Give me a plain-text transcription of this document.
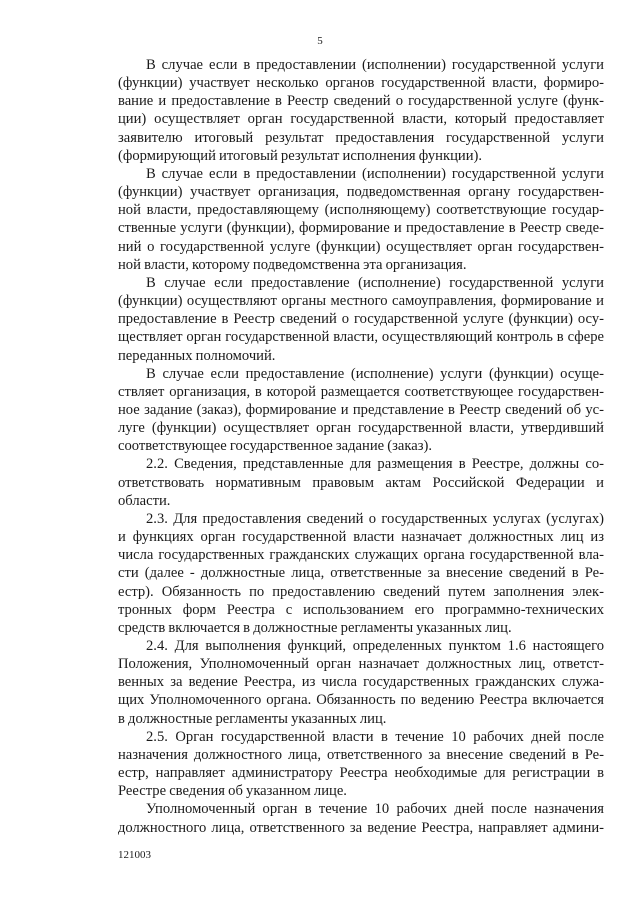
5

В случае если в предоставлении (исполнении) государственной услуги
(функции) участвует несколько органов государственной власти, формиро-
вание и предоставление в Реестр сведений о государственной услуге (функ-
ции) осуществляет орган государственной власти, который предоставляет
заявителю итоговый результат предоставления государственной услуги
(формирующий итоговый результат исполнения функции).

В случае если в предоставлении (исполнении) государственной услуги
(функции) участвует организация, подведомственная органу государствен-
ной власти, предоставляющему (исполняющему) соответствующие государ-
ственные услуги (функции), формирование и предоставление в Реестр сведе-
ний о государственной услуге (функции) осуществляет орган государствен-
ной власти, которому подведомственна эта организация.

В случае если предоставление (исполнение) государственной услуги
(функции) осуществляют органы местного самоуправления, формирование и
предоставление в Реестр сведений о государственной услуге (функции) осу-
ществляет орган государственной власти, осуществляющий контроль в сфере
переданных полномочий.

В случае если предоставление (исполнение) услуги (функции) осуще-
ствляет организация, в которой размещается соответствующее государствен-
ное задание (заказ), формирование и представление в Реестр сведений об ус-
луге (функции) осуществляет орган государственной власти, утвердивший
соответствующее государственное задание (заказ).

2.2. Сведения, представленные для размещения в Реестре, должны со-
ответствовать нормативным правовым актам Российской Федерации и
области.

2.3. Для предоставления сведений о государственных услугах (услугах)
и функциях орган государственной власти назначает должностных лиц из
числа государственных гражданских служащих органа государственной вла-
сти (далее - должностные лица, ответственные за внесение сведений в Ре-
естр). Обязанность по предоставлению сведений путем заполнения элек-
тронных форм Реестра с использованием его программно-технических
средств включается в должностные регламенты указанных лиц.

2.4. Для выполнения функций, определенных пунктом 1.6 настоящего
Положения, Уполномоченный орган назначает должностных лиц, ответст-
венных за ведение Реестра, из числа государственных гражданских служа-
щих Уполномоченного органа. Обязанность по ведению Реестра включается
в должностные регламенты указанных лиц.

2.5. Орган государственной власти в течение 10 рабочих дней после
назначения должностного лица, ответственного за внесение сведений в Ре-
естр, направляет администратору Реестра необходимые для регистрации в
Реестре сведения об указанном лице.

Уполномоченный орган в течение 10 рабочих дней после назначения
должностного лица, ответственного за ведение Реестра, направляет админи-

121003
